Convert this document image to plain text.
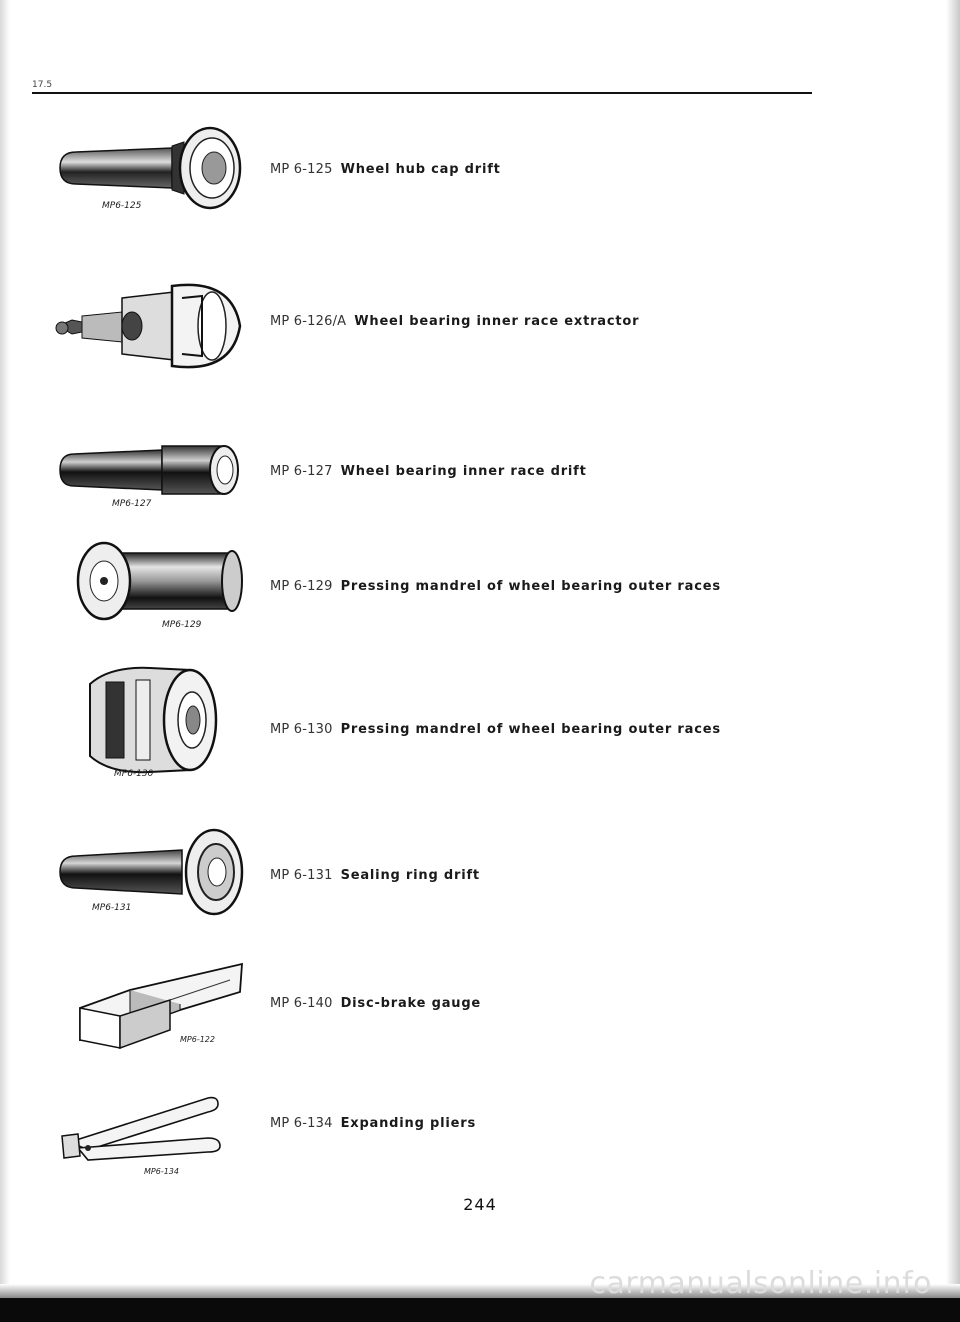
17.5
MP6-125
MP 6-125 Wheel hub cap drift
MP 6-126/A Wheel bearing inner race extractor
MP6-127
MP 6-127 Wheel bearing inner race drift
MP6-129
MP 6-129 Pressing mandrel of wheel bearing outer races
MP6-130
MP 6-130 Pressing mandrel of wheel bearing outer races
MP6-131
MP 6-131 Sealing ring drift
MP6-122
MP 6-140 Disc-brake gauge
MP6-134
MP 6-134 Expanding pliers
244
carmanualsonline.info
